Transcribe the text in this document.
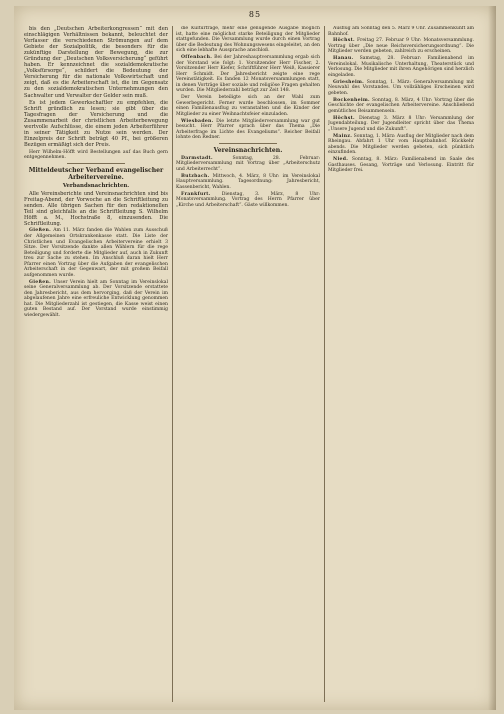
85

bis den „Deutschen Arbeiterkongressen“ mit den einschlägigen Verhältnissen bekannt, beleuchtet der Verfasser die verschiedenen Strömungen auf dem Gebiete der Sozialpolitik, die besonders für die zukünftige Darstellung der Bewegung, die zur Gründung der „Deutschen Volksversicherung“ geführt haben. Er kennzeichnet die sozialdemokratische „Volksfürsorge“, schildert die Bedeutung der Versicherung für die nationale Volkswirtschaft und zeigt, daß es die Arbeiterschaft ist, die im Gegensatz zu den sozialdemokratischen Unternehmungen den Sachwalter und Verwalter der Gelder sein muß.

Es ist jedem Gewerkschaftler zu empfehlen, die Schrift gründlich zu lesen; sie gibt über die Tagesfragen der Versicherung und die Zusammenarbeit der christlichen Arbeiterbewegung wertvolle Aufschlüsse, die einem jeden Arbeiterführer in seiner Tätigkeit zu Nutze sein werden. Der Einzelpreis der Schrift beträgt 40 Pf., bei größeren Bezügen ermäßigt sich der Preis.

Herr Wilhelm-Höfft wird Bestellungen auf das Buch gern entgegennehmen.

Mitteldeutscher Verband evangelischer Arbeitervereine.
Verbandsnachrichten.

Alle Vereinsberichte und Vereinsnachrichten sind bis Freitag-Abend, der Vorwoche an die Schriftleitung zu senden. Alle übrigen Sachen für den redaktionellen Teil sind gleichfalls an die Schriftleitung S. Wilhelm Höfft a. M., Hochstraße 8, einzusenden. Die Schriftleitung.

Gießen. Am 11. März fanden die Wahlen zum Ausschuß der Allgemeinen Ortskrankenkasse statt. Die Liste der Christlichen und Evangelischen Arbeitervereine erhielt 3 Sitze. Der Vorsitzende dankte allen Wählern für die rege Beteiligung und forderte die Mitglieder auf, auch in Zukunft treu zur Sache zu stehen. Im Anschluß daran hielt Herr Pfarrer einen Vortrag über die Aufgaben der evangelischen Arbeiterschaft in der Gegenwart, der mit großem Beifall aufgenommen wurde.

Gießen. Unser Verein hielt am Sonntag im Vereinslokal seine Generalversammlung ab. Der Vorsitzende erstattete den Jahresbericht, aus dem hervorging, daß der Verein im abgelaufenen Jahre eine erfreuliche Entwicklung genommen hat. Die Mitgliederzahl ist gestiegen, die Kasse weist einen guten Bestand auf. Der Vorstand wurde einstimmig wiedergewählt.

die Kulturfrage, mehr eine genügende Ausgabe möglich ist, hatte eine möglichst starke Beteiligung der Mitglieder stattgefunden. Die Versammlung wurde durch einen Vortrag über die Bedeutung des Wohnungswesens eingeleitet, an den sich eine lebhafte Aussprache anschloß.

Offenbach. Bei der Jahreshauptversammlung ergab sich der Vorstand wie folgt: 1. Vorsitzender Herr Fischer, 2. Vorsitzender Herr Kiefer, Schriftführer Herr Weiß, Kassierer Herr Schmidt. Der Jahresbericht zeigte eine rege Vereinstätigkeit. Es fanden 12 Monatsversammlungen statt, in denen Vorträge über soziale und religiöse Fragen gehalten wurden. Die Mitgliederzahl beträgt zur Zeit 148.

Der Verein beteiligte sich an der Wahl zum Gewerbegericht. Ferner wurde beschlossen, im Sommer einen Familienausflug zu veranstalten und die Kinder der Mitglieder zu einer Weihnachtsfeier einzuladen.

Wiesbaden. Die letzte Mitgliederversammlung war gut besucht. Herr Pfarrer sprach über das Thema „Die Arbeiterfrage im Lichte des Evangeliums“. Reicher Beifall lohnte den Redner.

Vereinsnachrichten.

Darmstadt.	Sonntag, 28. Februar: Mitgliederversammlung mit Vortrag über „Arbeiterschutz und Arbeiterrecht“.

Butzbach. Mittwoch, 4. März, 8 Uhr: im Vereinslokal Hauptversammlung. Tagesordnung: Jahresbericht, Kassenbericht, Wahlen.

Frankfurt. Dienstag, 3. März, 8 Uhr: Monatsversammlung. Vortrag des Herrn Pfarrer über „Kirche und Arbeiterschaft“. Gäste willkommen.

Ausflug am Sonntag den 5. März 9 Uhr. Zusammenkunft am Bahnhof.

Höchst. Freitag 27. Februar 9 Uhr: Monatsversammlung. Vortrag über „Die neue Reichsversicherungsordnung“. Die Mitglieder werden gebeten, zahlreich zu erscheinen.

Hanau. Samstag, 28. Februar: Familienabend im Vereinslokal. Musikalische Unterhaltung, Theaterstück und Verlosung. Die Mitglieder mit ihren Angehörigen sind herzlich eingeladen.

Griesheim. Sonntag, 1. März: Generalversammlung mit Neuwahl des Vorstandes. Um vollzähliges Erscheinen wird gebeten.

Bockenheim. Sonntag, 8. März, 4 Uhr: Vortrag über die Geschichte der evangelischen Arbeitervereine. Anschließend gemütliches Beisammensein.

Höchst. Dienstag 3. März 8 Uhr: Versammlung der Jugendabteilung. Der Jugendleiter spricht über das Thema „Unsere Jugend und die Zukunft“.

Mainz. Sonntag, 1. März: Ausflug der Mitglieder nach dem Rheingau. Abfahrt 1 Uhr vom Hauptbahnhof. Rückkehr abends. Die Mitglieder werden gebeten, sich pünktlich einzufinden.

Nied. Sonntag, 8. März: Familienabend im Saale des Gasthauses. Gesang, Vorträge und Verlosung. Eintritt für Mitglieder frei.
